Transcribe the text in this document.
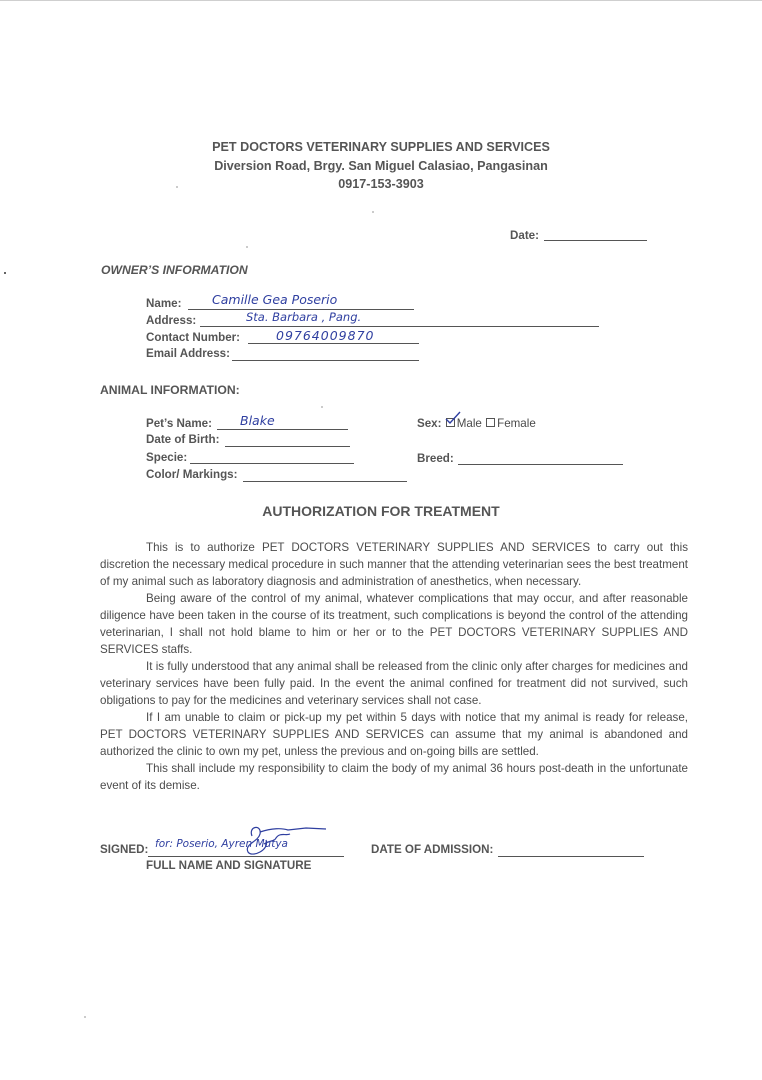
PET DOCTORS VETERINARY SUPPLIES AND SERVICES
Diversion Road, Brgy. San Miguel Calasiao, Pangasinan
0917-153-3903
Date:
OWNER’S INFORMATION
Name: Camille Gea Poserio
Address:	Sta. Barbara , Pang.
Contact Number:	09764009870
Email Address:
ANIMAL INFORMATION:
Pet’s Name: Blake
Date of Birth:
Specie:
Color/ Markings:
Sex: Male Female
Breed:
AUTHORIZATION FOR TREATMENT

This is to authorize PET DOCTORS VETERINARY SUPPLIES AND SERVICES to carry out this discretion the necessary medical procedure in such manner that the attending veterinarian sees the best treatment of my animal such as laboratory diagnosis and administration of anesthetics, when necessary.

Being aware of the control of my animal, whatever complications that may occur, and after reasonable diligence have been taken in the course of its treatment, such complications is beyond the control of the attending veterinarian, I shall not hold blame to him or her or to the PET DOCTORS VETERINARY SUPPLIES AND SERVICES staffs.

It is fully understood that any animal shall be released from the clinic only after charges for medicines and veterinary services have been fully paid. In the event the animal confined for treatment did not survived, such obligations to pay for the medicines and veterinary services shall not case.

If I am unable to claim or pick-up my pet within 5 days with notice that my animal is ready for release, PET DOCTORS VETERINARY SUPPLIES AND SERVICES can assume that my animal is abandoned and authorized the clinic to own my pet, unless the previous and on-going bills are settled.

This shall include my responsibility to claim the body of my animal 36 hours post-death in the unfortunate event of its demise.

SIGNED: for: Poserio, Ayren Mutya
FULL NAME AND SIGNATURE
DATE OF ADMISSION:
